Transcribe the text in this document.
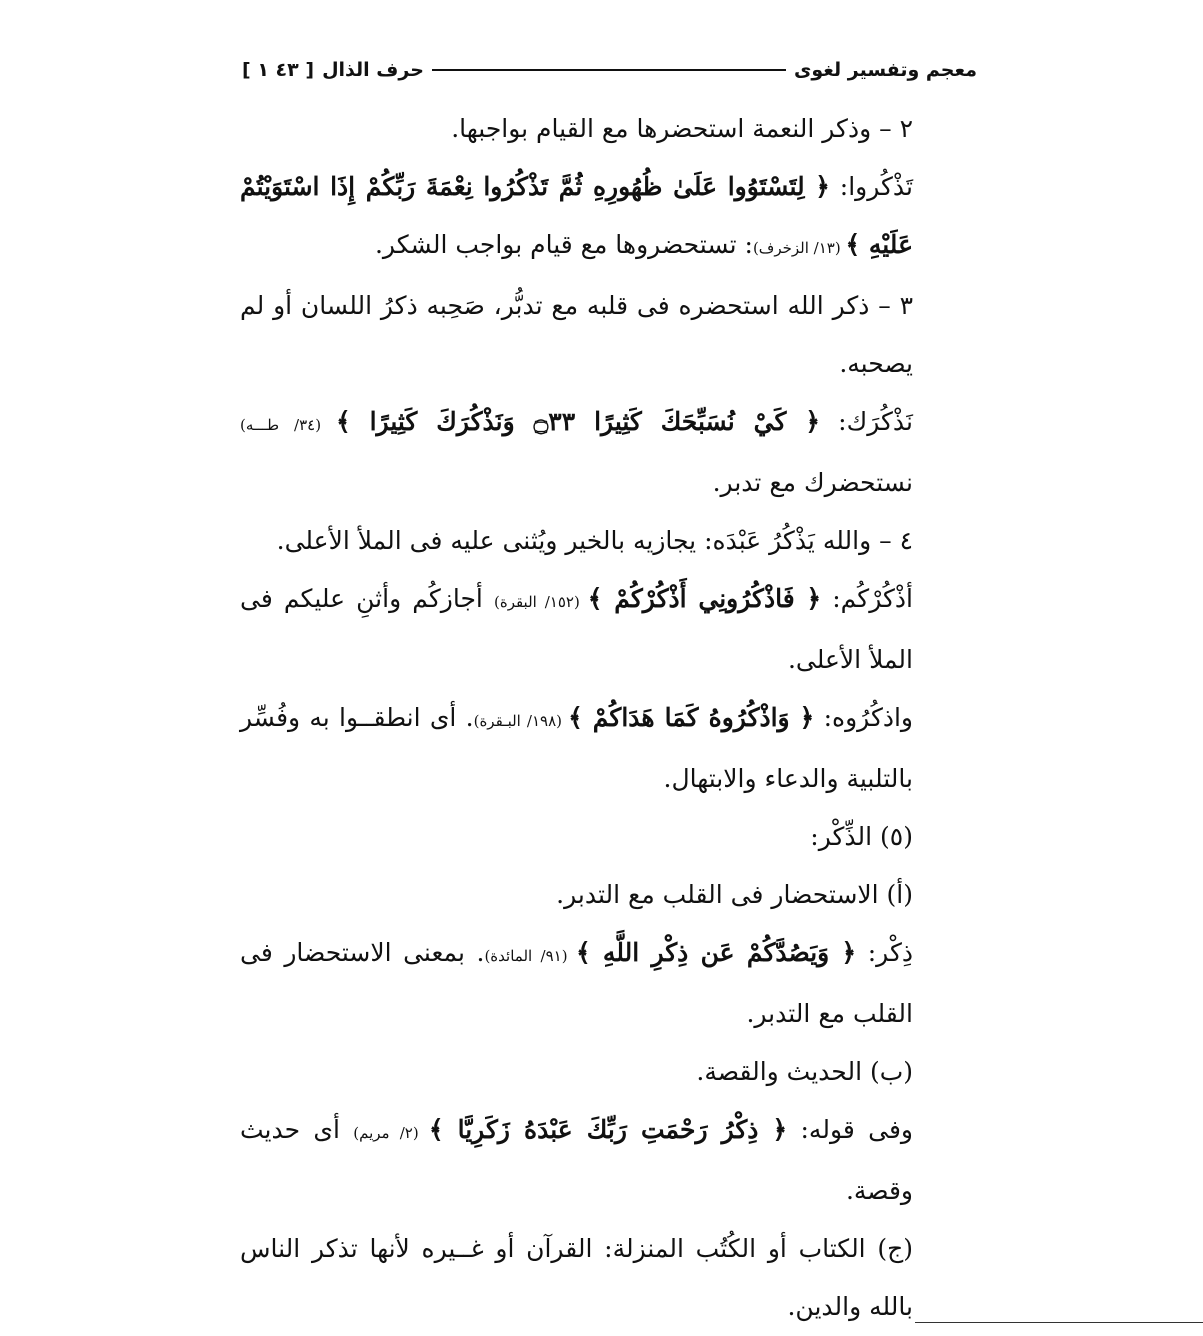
معجم وتفسير لغوى
حرف الذال
[ ٤٣ ١ ]

٢ – وذكر النعمة استحضرها مع القيام بواجبها.

تَذْكُروا: ﴿ لِتَسْتَوُوا عَلَىٰ ظُهُورِهِ ثُمَّ تَذْكُرُوا نِعْمَةَ رَبِّكُمْ إِذَا اسْتَوَيْتُمْ عَلَيْهِ ﴾ (١٣/ الزخرف): تستحضروها مع قيام بواجب الشكر.

٣ – ذكر الله استحضره فى قلبه مع تدبُّر، صَحِبه ذكرُ اللسان أو لم يصحبه.

نَذْكُرَك: ﴿ كَيْ نُسَبِّحَكَ كَثِيرًا ۝٣٣ وَنَذْكُرَكَ كَثِيرًا ﴾ (٣٤/ طـــه) نستحضرك مع تدبر.

٤ – والله يَذْكُرُ عَبْدَه: يجازيه بالخير ويُثنى عليه فى الملأ الأعلى.

أذْكُرْكُم: ﴿ فَاذْكُرُونِي أَذْكُرْكُمْ ﴾ (١٥٢/ البقرة) أجازكُم وأثنِ عليكم فى الملأ الأعلى.

واذكُرُوه: ﴿ وَاذْكُرُوهُ كَمَا هَدَاكُمْ ﴾ (١٩٨/ البـقرة). أى انطقــوا به وفُسِّر بالتلبية والدعاء والابتهال.

(٥) الذِّكْر:

(أ) الاستحضار فى القلب مع التدبر.

ذِكْر: ﴿ وَيَصُدَّكُمْ عَن ذِكْرِ اللَّهِ ﴾ (٩١/ المائدة). بمعنى الاستحضار فى القلب مع التدبر.

(ب) الحديث والقصة.

وفى قوله: ﴿ ذِكْرُ رَحْمَتِ رَبِّكَ عَبْدَهُ زَكَرِيَّا ﴾ (٢/ مريم) أى حديث وقصة.

(ج) الكتاب أو الكُتُب المنزلة: القرآن أو غــيره لأنها تذكر الناس بالله والدين.
